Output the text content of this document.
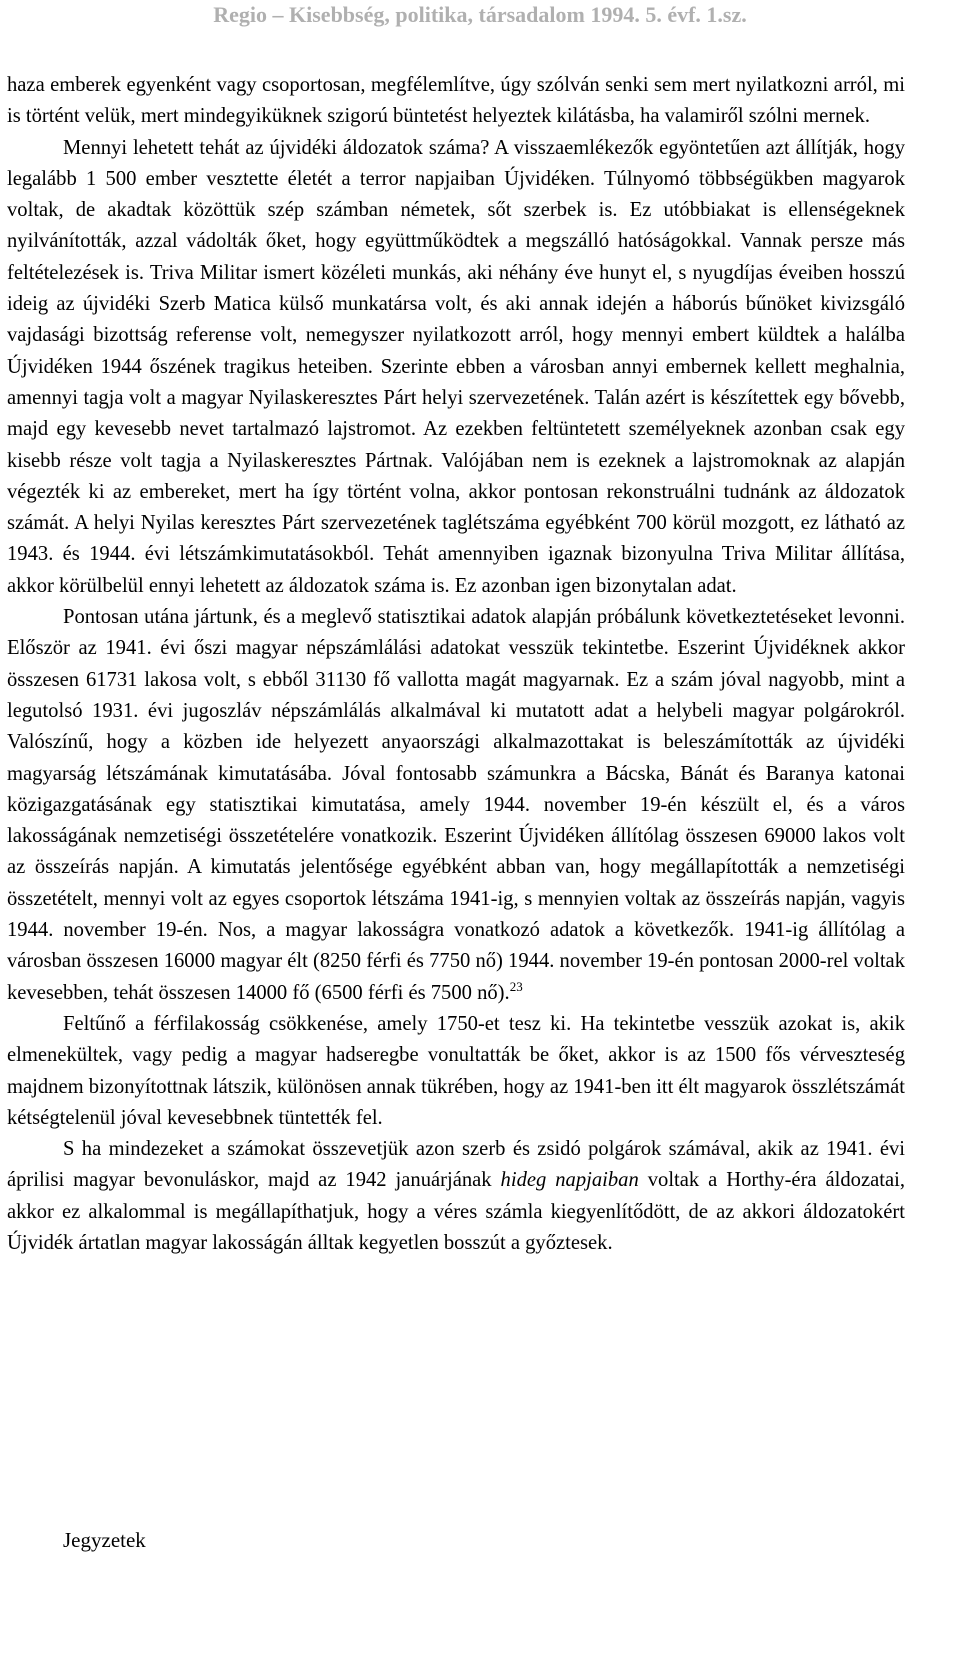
Regio – Kisebbség, politika, társadalom 1994. 5. évf. 1.sz.

haza emberek egyenként vagy csoportosan, megfélemlítve, úgy szólván senki sem mert nyilatkozni arról, mi is történt velük, mert mindegyiküknek szigorú büntetést helyeztek kilátásba, ha valamiről szólni mernek.

Mennyi lehetett tehát az újvidéki áldozatok száma? A visszaemlékezők egyöntetűen azt állítják, hogy legalább 1 500 ember vesztette életét a terror napjaiban Újvidéken. Túlnyomó többségükben magyarok voltak, de akadtak közöttük szép számban németek, sőt szerbek is. Ez utóbbiakat is ellenségeknek nyilvánították, azzal vádolták őket, hogy együttműködtek a megszálló hatóságokkal. Vannak persze más feltételezések is. Triva Militar ismert közéleti munkás, aki néhány éve hunyt el, s nyugdíjas éveiben hosszú ideig az újvidéki Szerb Matica külső munkatársa volt, és aki annak idején a háborús bűnöket kivizsgáló vajdasági bizottság referense volt, nemegyszer nyilatkozott arról, hogy mennyi embert küldtek a halálba Újvidéken 1944 őszének tragikus heteiben. Szerinte ebben a városban annyi embernek kellett meghalnia, amennyi tagja volt a magyar Nyilaskeresztes Párt helyi szervezetének. Talán azért is készítettek egy bővebb, majd egy kevesebb nevet tartalmazó lajstromot. Az ezekben feltüntetett személyeknek azonban csak egy kisebb része volt tagja a Nyilaskeresztes Pártnak. Valójában nem is ezeknek a lajstromoknak az alapján végezték ki az embereket, mert ha így történt volna, akkor pontosan rekonstruálni tudnánk az áldozatok számát. A helyi Nyilas keresztes Párt szervezetének taglétszáma egyébként 700 körül mozgott, ez látható az 1943. és 1944. évi létszámkimutatásokból. Tehát amennyiben igaznak bizonyulna Triva Militar állítása, akkor körülbelül ennyi lehetett az áldozatok száma is. Ez azonban igen bizonytalan adat.

Pontosan utána jártunk, és a meglevő statisztikai adatok alapján próbálunk következtetéseket levonni. Először az 1941. évi őszi magyar népszámlálási adatokat vesszük tekintetbe. Eszerint Újvidéknek akkor összesen 61731 lakosa volt, s ebből 31130 fő vallotta magát magyarnak. Ez a szám jóval nagyobb, mint a legutolsó 1931. évi jugoszláv népszámlálás alkalmával ki mutatott adat a helybeli magyar polgárokról. Valószínű, hogy a közben ide helyezett anyaországi alkalmazottakat is beleszámították az újvidéki magyarság létszámának kimutatásába. Jóval fontosabb számunkra a Bácska, Bánát és Baranya katonai közigazgatásának egy statisztikai kimutatása, amely 1944. november 19-én készült el, és a város lakosságának nemzetiségi összetételére vonatkozik. Eszerint Újvidéken állítólag összesen 69000 lakos volt az összeírás napján. A kimutatás jelentősége egyébként abban van, hogy megállapították a nemzetiségi összetételt, mennyi volt az egyes csoportok létszáma 1941-ig, s mennyien voltak az összeírás napján, vagyis 1944. november 19-én. Nos, a magyar lakosságra vonatkozó adatok a következők. 1941-ig állítólag a városban összesen 16000 magyar élt (8250 férfi és 7750 nő) 1944. november 19-én pontosan 2000-rel voltak kevesebben, tehát összesen 14000 fő (6500 férfi és 7500 nő).$^{23}$

Feltűnő a férfilakosság csökkenése, amely 1750-et tesz ki. Ha tekintetbe vesszük azokat is, akik elmenekültek, vagy pedig a magyar hadseregbe vonultatták be őket, akkor is az 1500 fős vérveszteség majdnem bizonyítottnak látszik, különösen annak tükrében, hogy az 1941-ben itt élt magyarok összlétszámát kétségtelenül jóval kevesebbnek tüntették fel.

S ha mindezeket a számokat összevetjük azon szerb és zsidó polgárok számával, akik az 1941. évi áprilisi magyar bevonuláskor, majd az 1942 januárjának hideg napjaiban voltak a Horthy-éra áldozatai, akkor ez alkalommal is megállapíthatjuk, hogy a véres számla kiegyenlítődött, de az akkori áldozatokért Újvidék ártatlan magyar lakosságán álltak kegyetlen bosszút a győztesek.

Jegyzetek
